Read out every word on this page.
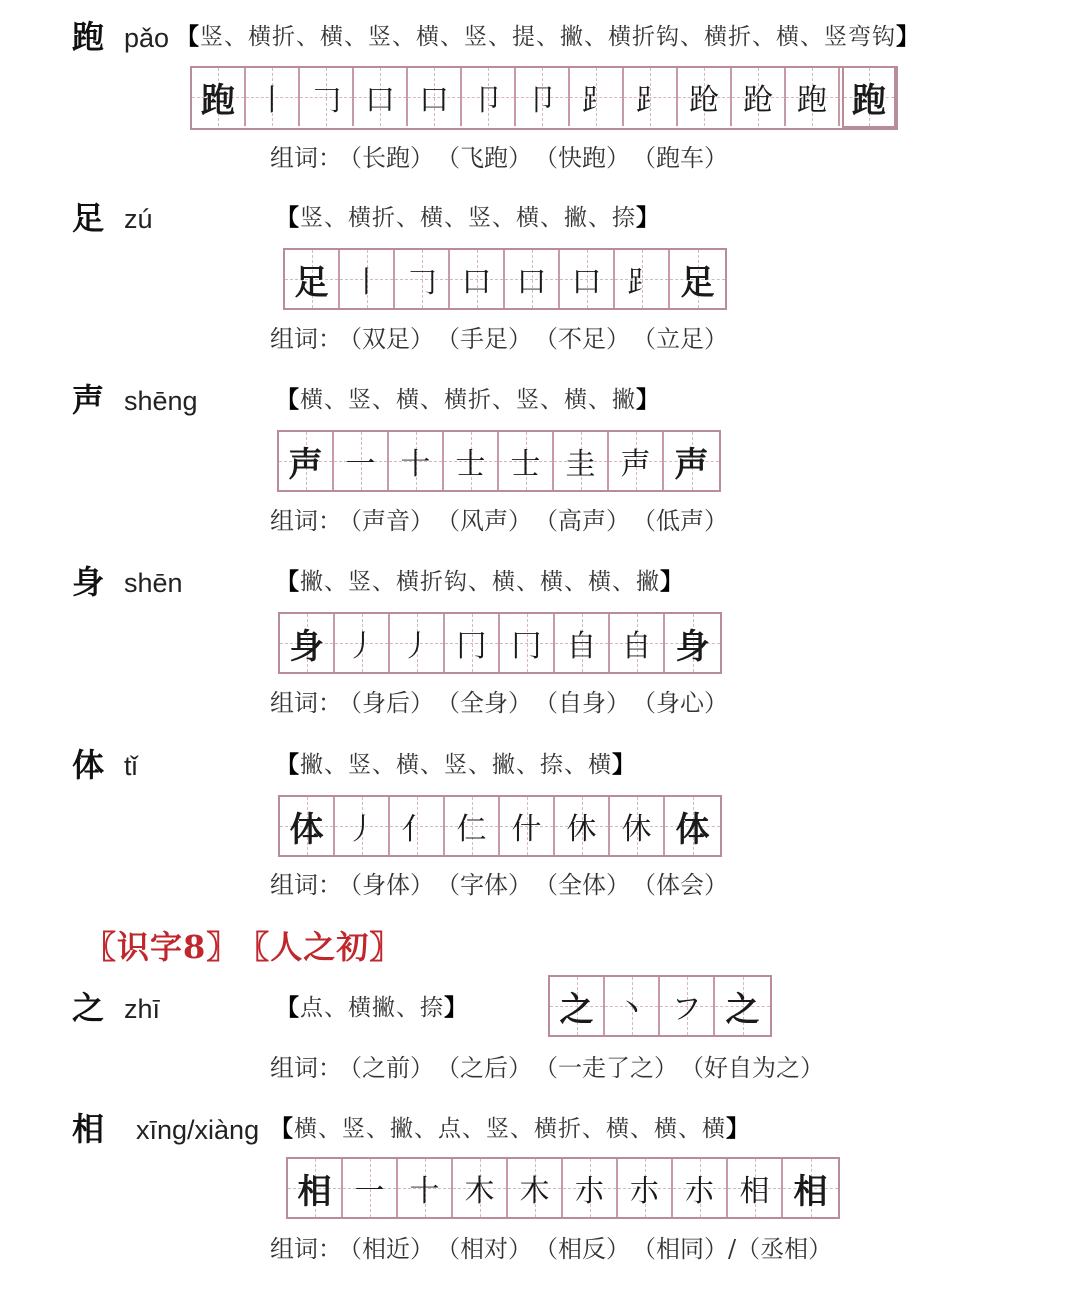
跑 pǎo 【竖、横折、横、竖、横、竖、提、撇、横折钩、横折、横、竖弯钩】
跑 丨 𠃌 口 口 卩 卩 ⻊ ⻊ 跄 跄 跑 跑
组词： （长跑） （飞跑） （快跑） （跑车）
足 zú	【竖、横折、横、竖、横、撇、捺】
足 丨 𠃌 口 口 口 ⻊ 足
组词： （双足） （手足） （不足） （立足）
声 shēng	【横、竖、横、横折、竖、横、撇】
声 一 十 士 士 圭 声 声
组词： （声音） （风声） （高声） （低声）
身 shēn	【撇、竖、横折钩、横、横、横、撇】
身 丿 丿 冂 冂 自 自 身
组词： （身后） （全身） （自身） （身心）
体 tǐ	【撇、竖、横、竖、撇、捺、横】
体 丿 亻 仁 什 休 休 体
组词： （身体） （字体） （全体） （体会）
之 zhī	【点、横撇、捺】	之 丶 フ 之
组词： （之前） （之后） （一走了之） （好自为之）
相 xīng/xiàng 【横、竖、撇、点、竖、横折、横、横、横】
相 一 十 木 木 朩 朩 朩 相 相
组词： （相近） （相对） （相反） （相同）/（丞相）
〖识字8〗 〖人之初〗
